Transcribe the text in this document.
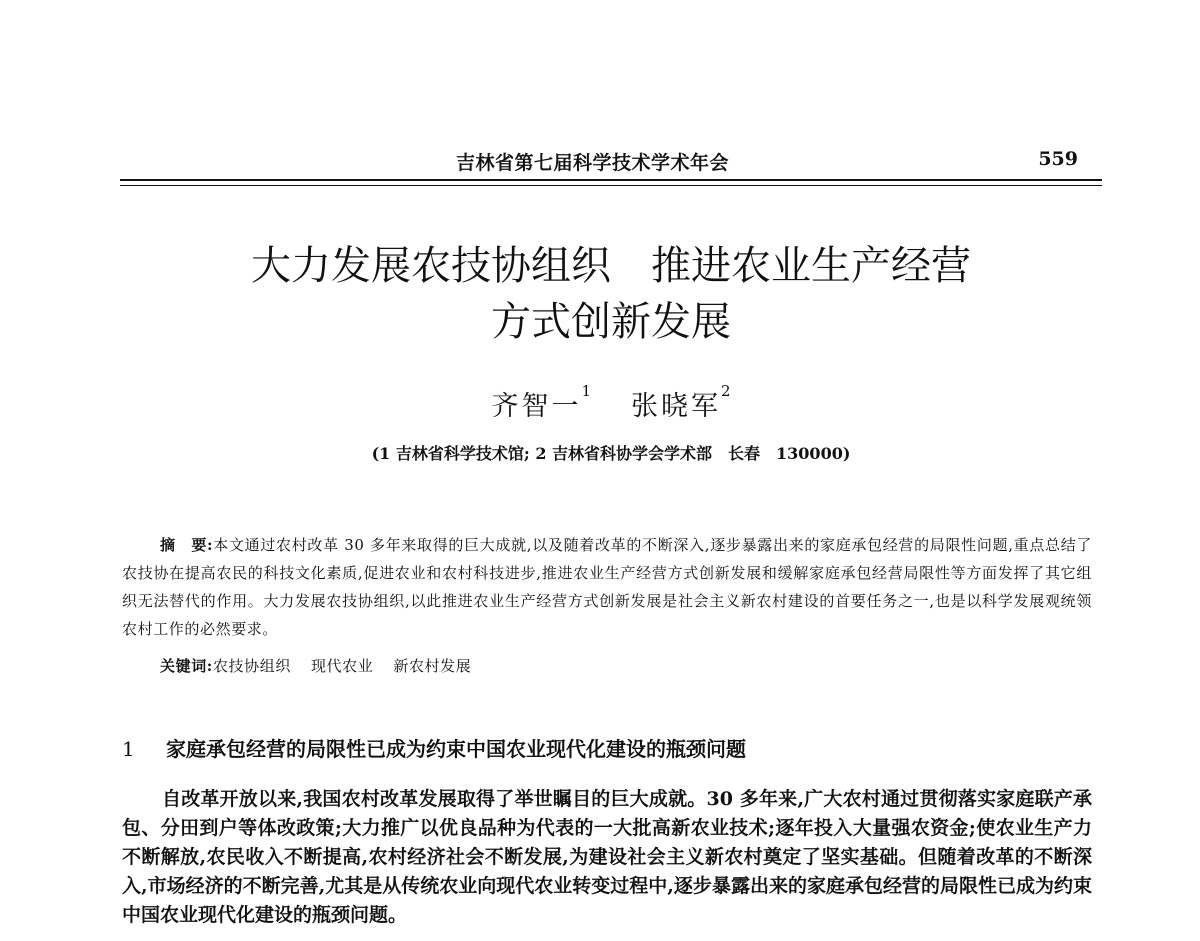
吉林省第七届科学技术学术年会	559
大力发展农技协组织　推进农业生产经营
方式创新发展
齐智一$^1$ 张晓军$^2$
(1 吉林省科学技术馆; 2 吉林省科协学会学术部　长春　130000)
摘　要:本文通过农村改革 30 多年来取得的巨大成就,以及随着改革的不断深入,逐步暴露出来的家庭承包经营的局限性问题,重点总结了农技协在提高农民的科技文化素质,促进农业和农村科技进步,推进农业生产经营方式创新发展和缓解家庭承包经营局限性等方面发挥了其它组织无法替代的作用。大力发展农技协组织,以此推进农业生产经营方式创新发展是社会主义新农村建设的首要任务之一,也是以科学发展观统领农村工作的必然要求。
关键词:农技协组织 现代农业 新农村发展
1 家庭承包经营的局限性已成为约束中国农业现代化建设的瓶颈问题
自改革开放以来,我国农村改革发展取得了举世瞩目的巨大成就。30 多年来,广大农村通过贯彻落实家庭联产承包、分田到户等体改政策;大力推广以优良品种为代表的一大批高新农业技术;逐年投入大量强农资金;使农业生产力不断解放,农民收入不断提高,农村经济社会不断发展,为建设社会主义新农村奠定了坚实基础。但随着改革的不断深入,市场经济的不断完善,尤其是从传统农业向现代农业转变过程中,逐步暴露出来的家庭承包经营的局限性已成为约束中国农业现代化建设的瓶颈问题。
